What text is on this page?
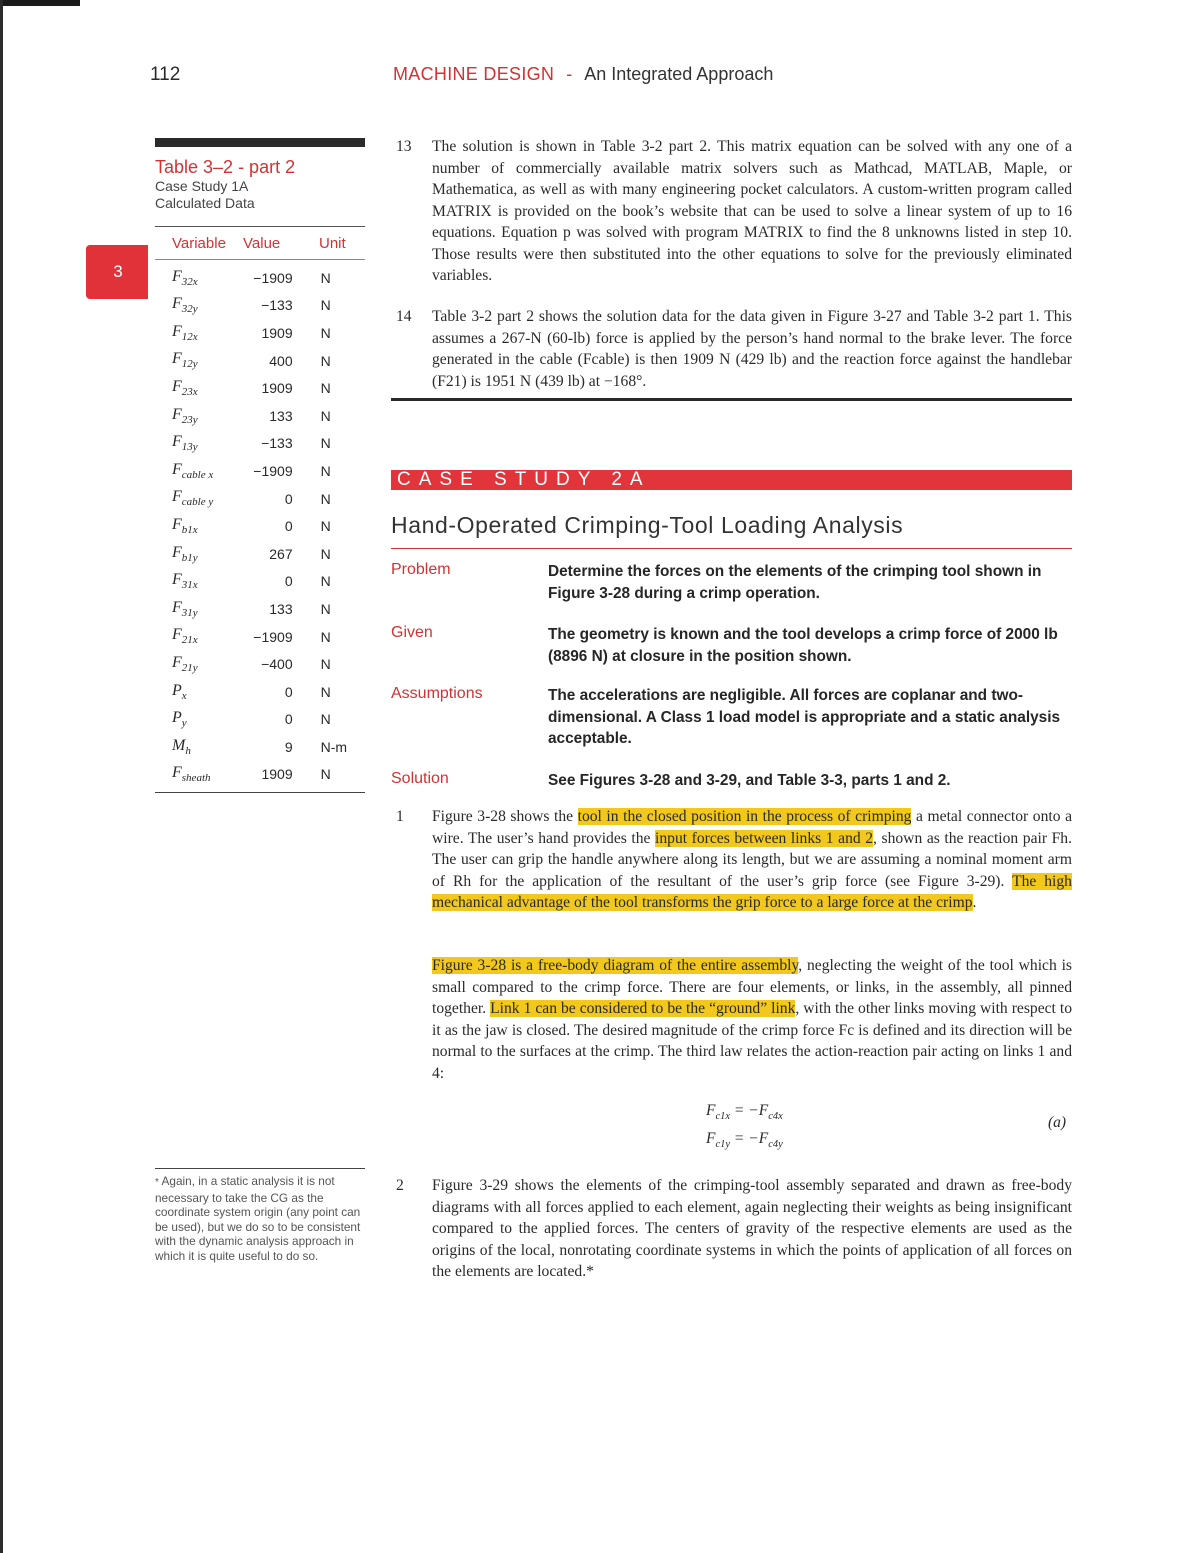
112	MACHINE DESIGN - An Integrated Approach
3
Table 3–2 - part 2
Case Study 1A
Calculated Data
Variable	Value	Unit
$F_{32x}$	−1909	N
$F_{32y}$	−133	N
$F_{12x}$	1909	N
$F_{12y}$	400	N
$F_{23x}$	1909	N
$F_{23y}$	133	N
$F_{13y}$	−133	N
$F_{cable x}$	−1909	N
$F_{cable y}$	0	N
$F_{b1x}$	0	N
$F_{b1y}$	267	N
$F_{31x}$	0	N
$F_{31y}$	133	N
$F_{21x}$	−1909	N
$F_{21y}$	−400	N
$P_x$	0	N
$P_y$	0	N
$M_h$	9	N-m
$F_{sheath}$	1909	N
13 The solution is shown in Table 3-2 part 2. This matrix equation can be solved with any one of a number of commercially available matrix solvers such as Mathcad, MATLAB, Maple, or Mathematica, as well as with many engineering pocket calculators. A custom-written program called MATRIX is provided on the book’s website that can be used to solve a linear system of up to 16 equations. Equation p was solved with program MATRIX to find the 8 unknowns listed in step 10. Those results were then substituted into the other equations to solve for the previously eliminated variables.
14 Table 3-2 part 2 shows the solution data for the data given in Figure 3-27 and Table 3-2 part 1. This assumes a 267-N (60-lb) force is applied by the person’s hand normal to the brake lever. The force generated in the cable (Fcable) is then 1909 N (429 lb) and the reaction force against the handlebar (F21) is 1951 N (439 lb) at −168°.
CASE STUDY 2A
Hand-Operated Crimping-Tool Loading Analysis
Problem	Determine the forces on the elements of the crimping tool shown in Figure 3-28 during a crimp operation.
Given	The geometry is known and the tool develops a crimp force of 2000 lb (8896 N) at closure in the position shown.
Assumptions	The accelerations are negligible. All forces are coplanar and two-dimensional. A Class 1 load model is appropriate and a static analysis acceptable.
Solution	See Figures 3-28 and 3-29, and Table 3-3, parts 1 and 2.
1 Figure 3-28 shows the tool in the closed position in the process of crimping a metal connector onto a wire. The user’s hand provides the input forces between links 1 and 2, shown as the reaction pair Fh. The user can grip the handle anywhere along its length, but we are assuming a nominal moment arm of Rh for the application of the resultant of the user’s grip force (see Figure 3-29). The high mechanical advantage of the tool transforms the grip force to a large force at the crimp.
Figure 3-28 is a free-body diagram of the entire assembly, neglecting the weight of the tool which is small compared to the crimp force. There are four elements, or links, in the assembly, all pinned together. Link 1 can be considered to be the “ground” link, with the other links moving with respect to it as the jaw is closed. The desired magnitude of the crimp force Fc is defined and its direction will be normal to the surfaces at the crimp. The third law relates the action-reaction pair acting on links 1 and 4:
$F_{c1x} = -F_{c4x}$
$F_{c1y} = -F_{c4y}$
(a)
2 Figure 3-29 shows the elements of the crimping-tool assembly separated and drawn as free-body diagrams with all forces applied to each element, again neglecting their weights as being insignificant compared to the applied forces. The centers of gravity of the respective elements are used as the origins of the local, nonrotating coordinate systems in which the points of application of all forces on the elements are located.*
* Again, in a static analysis it is not necessary to take the CG as the coordinate system origin (any point can be used), but we do so to be consistent with the dynamic analysis approach in which it is quite useful to do so.
